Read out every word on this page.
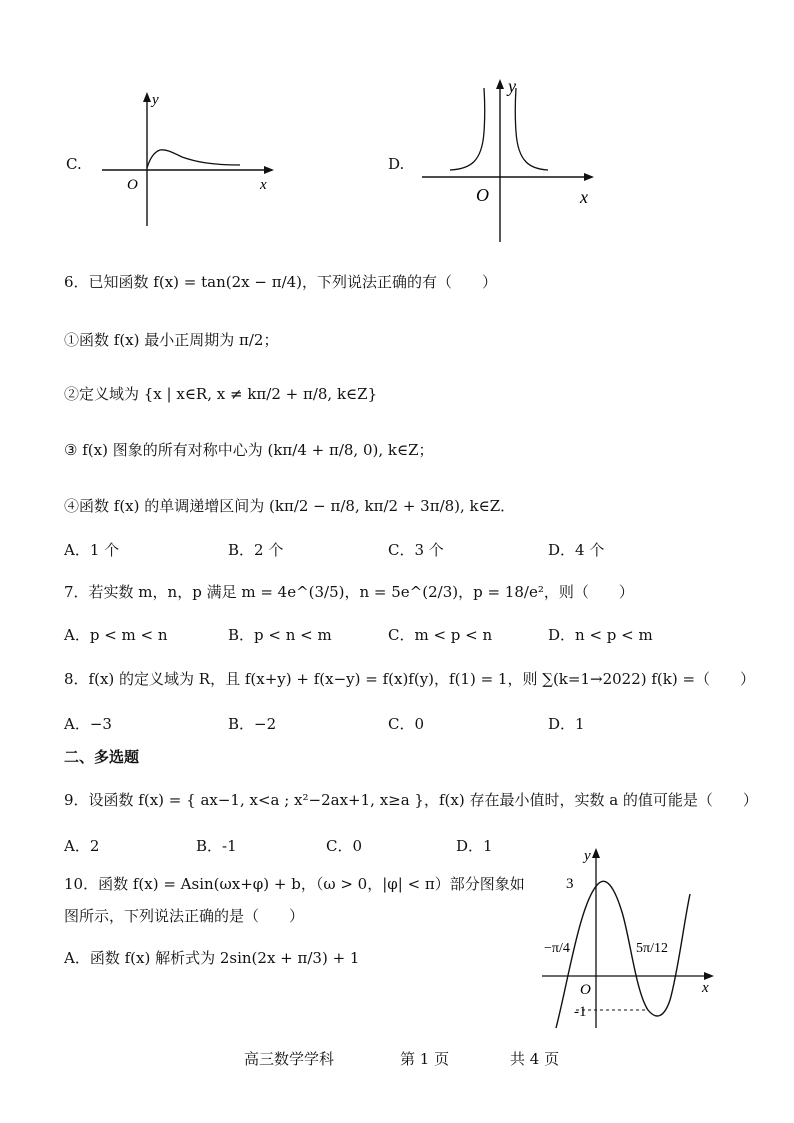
C.
y
O	x
D.
y
O	x
6．已知函数 f(x) = tan(2x − π/4)，下列说法正确的有（　　）
①函数 f(x) 最小正周期为 π/2；
②定义域为 {x | x∈R, x ≠ kπ/2 + π/8, k∈Z}
③ f(x) 图象的所有对称中心为 (kπ/4 + π/8, 0), k∈Z；
④函数 f(x) 的单调递增区间为 (kπ/2 − π/8, kπ/2 + 3π/8), k∈Z．
A．1 个	B．2 个	C．3 个	D．4 个
7．若实数 m，n，p 满足 m = 4e^(3/5)，n = 5e^(2/3)，p = 18/e²，则（　　）
A．p < m < n	B．p < n < m	C．m < p < n	D．n < p < m
8．f(x) 的定义域为 R，且 f(x+y) + f(x−y) = f(x)f(y)，f(1) = 1，则 ∑(k=1→2022) f(k) =（　　）
A．−3	B．−2	C．0	D．1
二、多选题
9．设函数 f(x) = { ax−1, x<a ; x²−2ax+1, x≥a }，f(x) 存在最小值时，实数 a 的值可能是（　　）
A．2	B．-1	C．0	D．1
10．函数 f(x) = Asin(ωx+φ) + b，（ω > 0，|φ| < π）部分图象如
图所示，下列说法正确的是（　　）
A．函数 f(x) 解析式为 2sin(2x + π/3) + 1
y
3
−π/4	5π/12
O	x
-1
高三数学学科	第 1 页	共 4 页
